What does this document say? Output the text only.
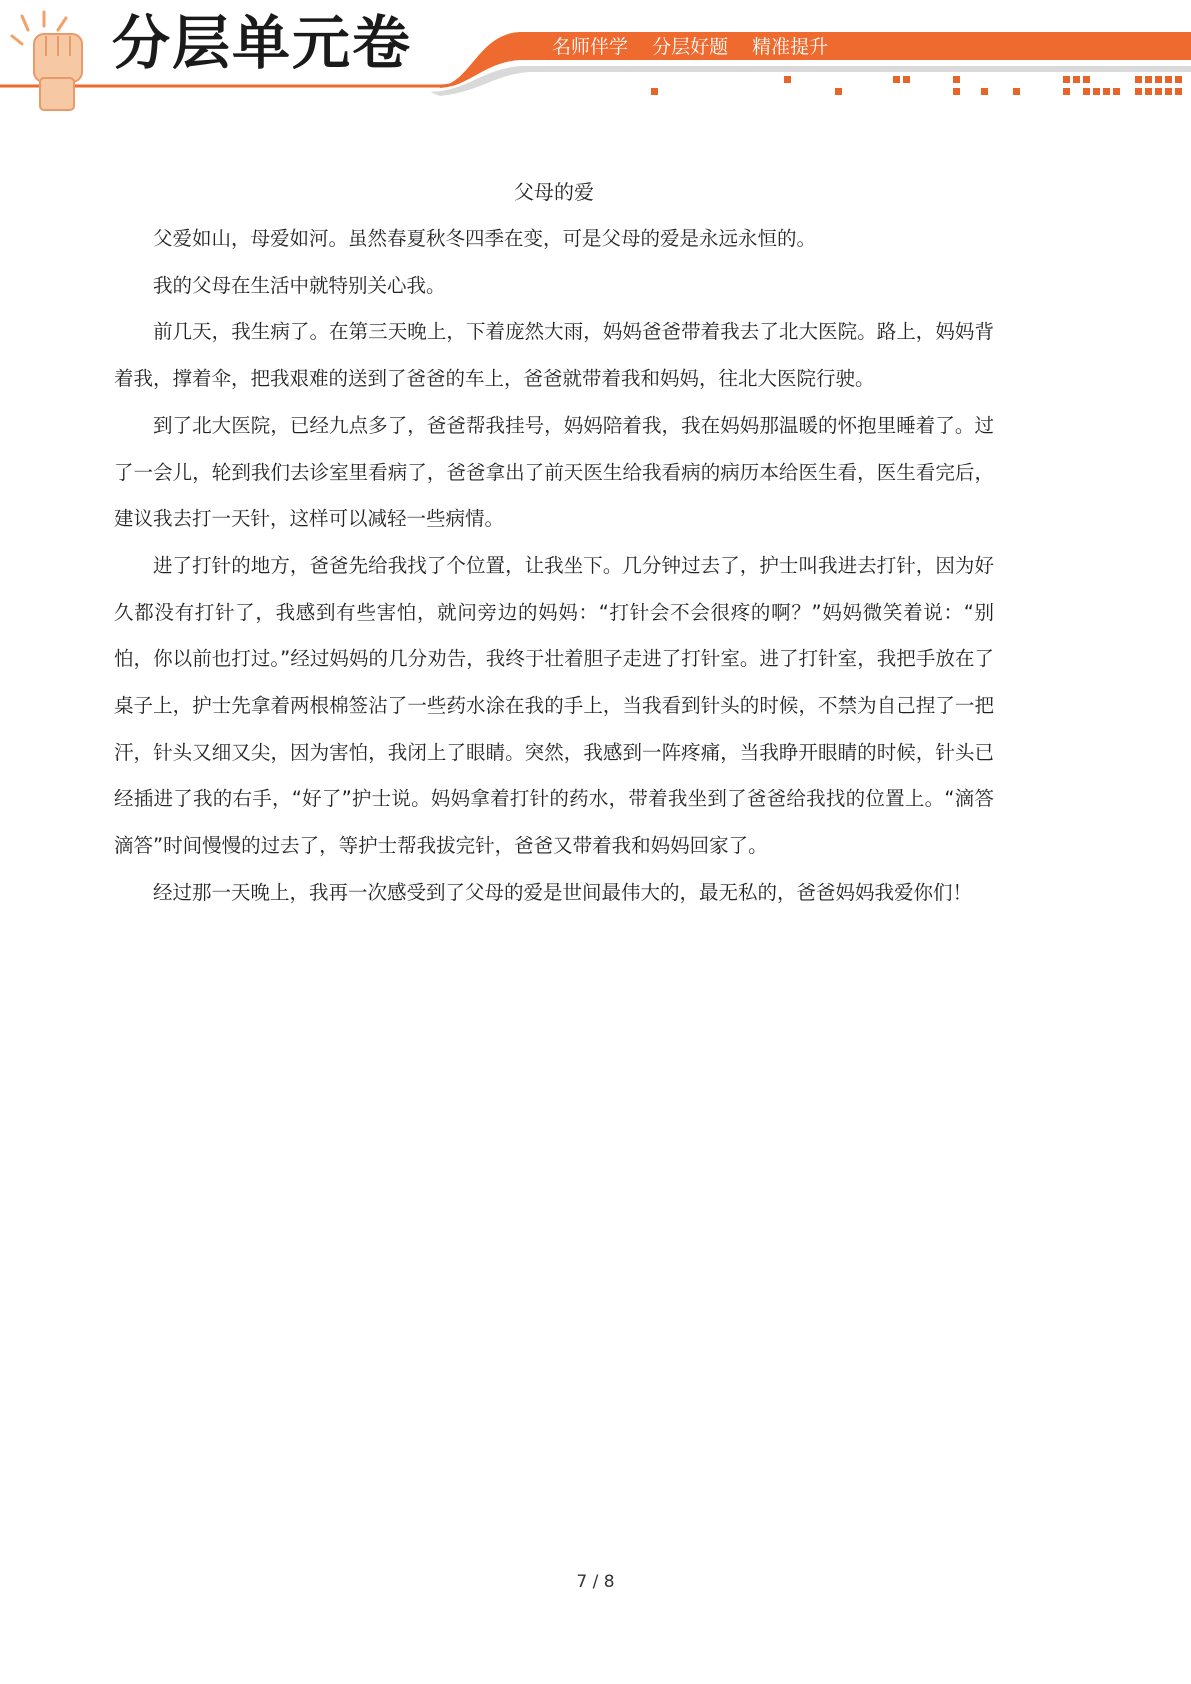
分层单元卷	名师伴学 分层好题 精准提升
父母的爱

父爱如山，母爱如河。虽然春夏秋冬四季在变，可是父母的爱是永远永恒的。

我的父母在生活中就特别关心我。

前几天，我生病了。在第三天晚上，下着庞然大雨，妈妈爸爸带着我去了北大医院。路上，妈妈背着我，撑着伞，把我艰难的送到了爸爸的车上，爸爸就带着我和妈妈，往北大医院行驶。

到了北大医院，已经九点多了，爸爸帮我挂号，妈妈陪着我，我在妈妈那温暖的怀抱里睡着了。过了一会儿，轮到我们去诊室里看病了，爸爸拿出了前天医生给我看病的病历本给医生看，医生看完后，建议我去打一天针，这样可以减轻一些病情。

进了打针的地方，爸爸先给我找了个位置，让我坐下。几分钟过去了，护士叫我进去打针，因为好久都没有打针了，我感到有些害怕，就问旁边的妈妈：“打针会不会很疼的啊？”妈妈微笑着说：“别怕，你以前也打过。”经过妈妈的几分劝告，我终于壮着胆子走进了打针室。进了打针室，我把手放在了桌子上，护士先拿着两根棉签沾了一些药水涂在我的手上，当我看到针头的时候，不禁为自己捏了一把汗，针头又细又尖，因为害怕，我闭上了眼睛。突然，我感到一阵疼痛，当我睁开眼睛的时候，针头已经插进了我的右手，“好了”护士说。妈妈拿着打针的药水，带着我坐到了爸爸给我找的位置上。“滴答滴答”时间慢慢的过去了，等护士帮我拔完针，爸爸又带着我和妈妈回家了。

经过那一天晚上，我再一次感受到了父母的爱是世间最伟大的，最无私的，爸爸妈妈我爱你们！

7 / 8
